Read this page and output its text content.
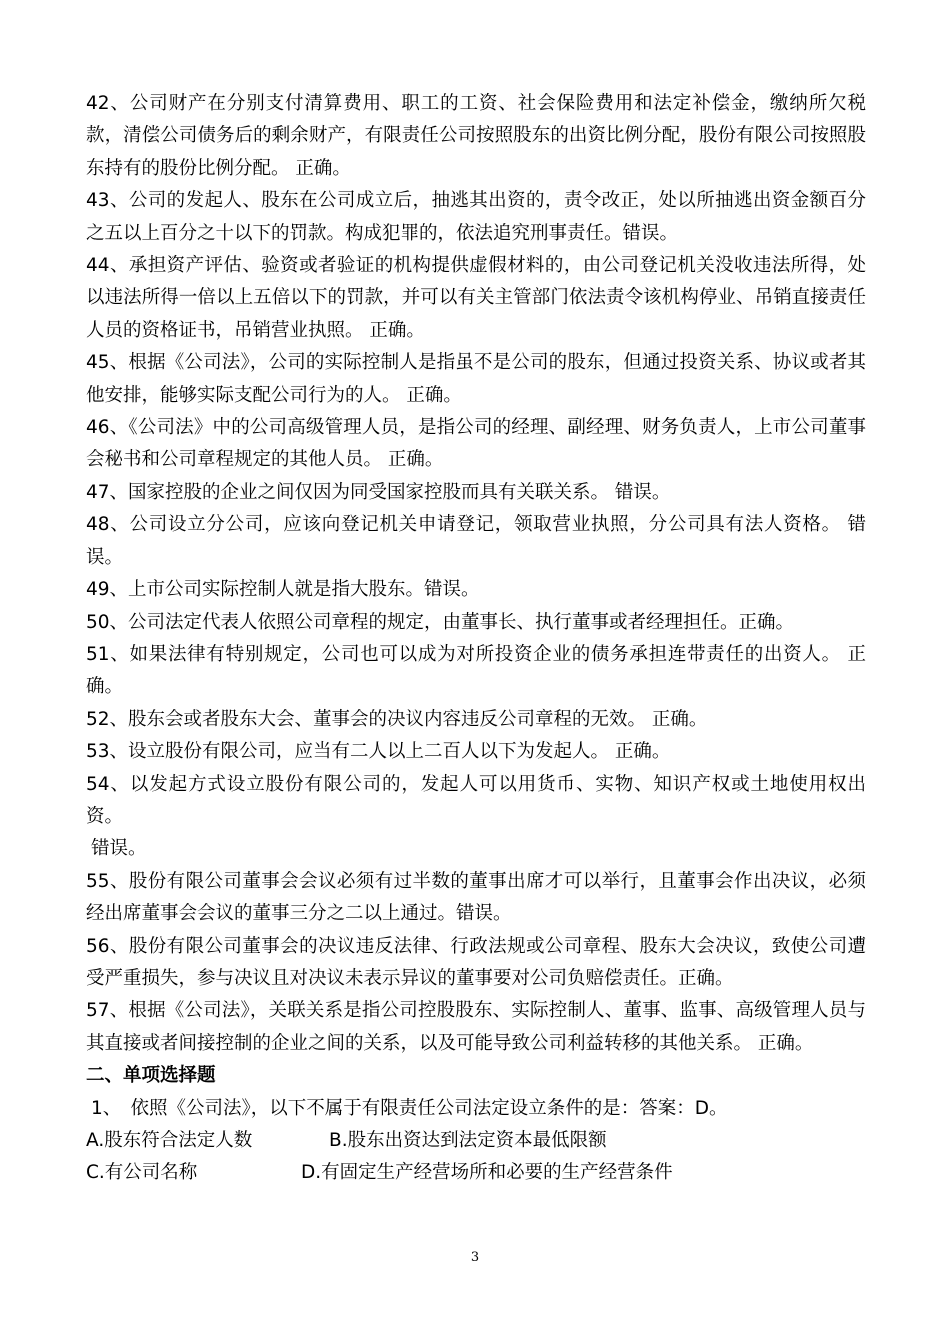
42、公司财产在分别支付清算费用、职工的工资、社会保险费用和法定补偿金，缴纳所欠税款，清偿公司债务后的剩余财产，有限责任公司按照股东的出资比例分配，股份有限公司按照股东持有的股份比例分配。 正确。

43、公司的发起人、股东在公司成立后，抽逃其出资的，责令改正，处以所抽逃出资金额百分之五以上百分之十以下的罚款。构成犯罪的，依法追究刑事责任。错误。

44、承担资产评估、验资或者验证的机构提供虚假材料的，由公司登记机关没收违法所得，处以违法所得一倍以上五倍以下的罚款，并可以有关主管部门依法责令该机构停业、吊销直接责任人员的资格证书，吊销营业执照。 正确。

45、根据《公司法》，公司的实际控制人是指虽不是公司的股东，但通过投资关系、协议或者其他安排，能够实际支配公司行为的人。 正确。

46、《公司法》中的公司高级管理人员，是指公司的经理、副经理、财务负责人，上市公司董事会秘书和公司章程规定的其他人员。 正确。

47、国家控股的企业之间仅因为同受国家控股而具有关联关系。 错误。

48、公司设立分公司，应该向登记机关申请登记，领取营业执照，分公司具有法人资格。 错误。

49、上市公司实际控制人就是指大股东。错误。

50、公司法定代表人依照公司章程的规定，由董事长、执行董事或者经理担任。正确。

51、如果法律有特别规定，公司也可以成为对所投资企业的债务承担连带责任的出资人。 正确。

52、股东会或者股东大会、董事会的决议内容违反公司章程的无效。 正确。

53、设立股份有限公司，应当有二人以上二百人以下为发起人。 正确。

54、以发起方式设立股份有限公司的，发起人可以用货币、实物、知识产权或土地使用权出资。

错误。

55、股份有限公司董事会会议必须有过半数的董事出席才可以举行，且董事会作出决议，必须经出席董事会会议的董事三分之二以上通过。错误。

56、股份有限公司董事会的决议违反法律、行政法规或公司章程、股东大会决议，致使公司遭受严重损失，参与决议且对决议未表示异议的董事要对公司负赔偿责任。正确。

57、根据《公司法》，关联关系是指公司控股股东、实际控制人、董事、监事、高级管理人员与其直接或者间接控制的企业之间的关系，以及可能导致公司利益转移的其他关系。 正确。

二、单项选择题

1、　依照《公司法》，以下不属于有限责任公司法定设立条件的是：答案：D。

A.股东符合法定人数	B.股东出资达到法定资本最低限额
C.有公司名称	D.有固定生产经营场所和必要的生产经营条件
3
